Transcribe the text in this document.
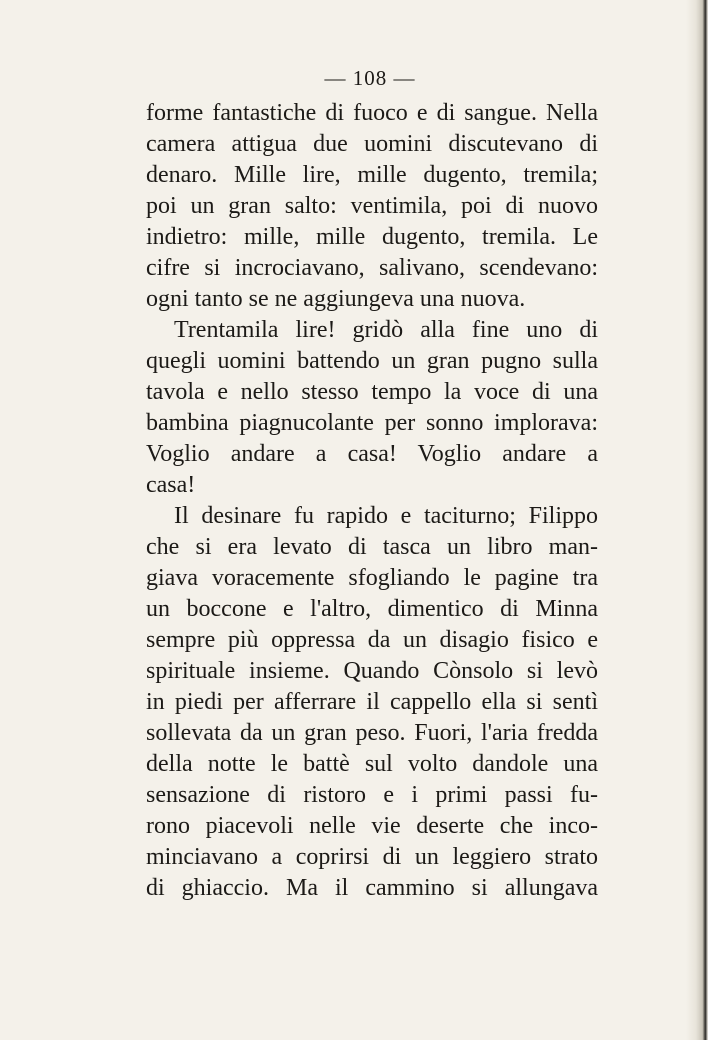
— 108 —
forme fantastiche di fuoco e di sangue. Nella
camera attigua due uomini discutevano di
denaro. Mille lire, mille dugento, tremila;
poi un gran salto: ventimila, poi di nuovo
indietro: mille, mille dugento, tremila. Le
cifre si incrociavano, salivano, scendevano:
ogni tanto se ne aggiungeva una nuova.
Trentamila lire! gridò alla fine uno di
quegli uomini battendo un gran pugno sulla
tavola e nello stesso tempo la voce di una
bambina piagnucolante per sonno implorava:
Voglio andare a casa! Voglio andare a
casa!
Il desinare fu rapido e taciturno; Filippo
che si era levato di tasca un libro man-
giava voracemente sfogliando le pagine tra
un boccone e l'altro, dimentico di Minna
sempre più oppressa da un disagio fisico e
spirituale insieme. Quando Cònsolo si levò
in piedi per afferrare il cappello ella si sentì
sollevata da un gran peso. Fuori, l'aria fredda
della notte le battè sul volto dandole una
sensazione di ristoro e i primi passi fu-
rono piacevoli nelle vie deserte che inco-
minciavano a coprirsi di un leggiero strato
di ghiaccio. Ma il cammino si allungava
